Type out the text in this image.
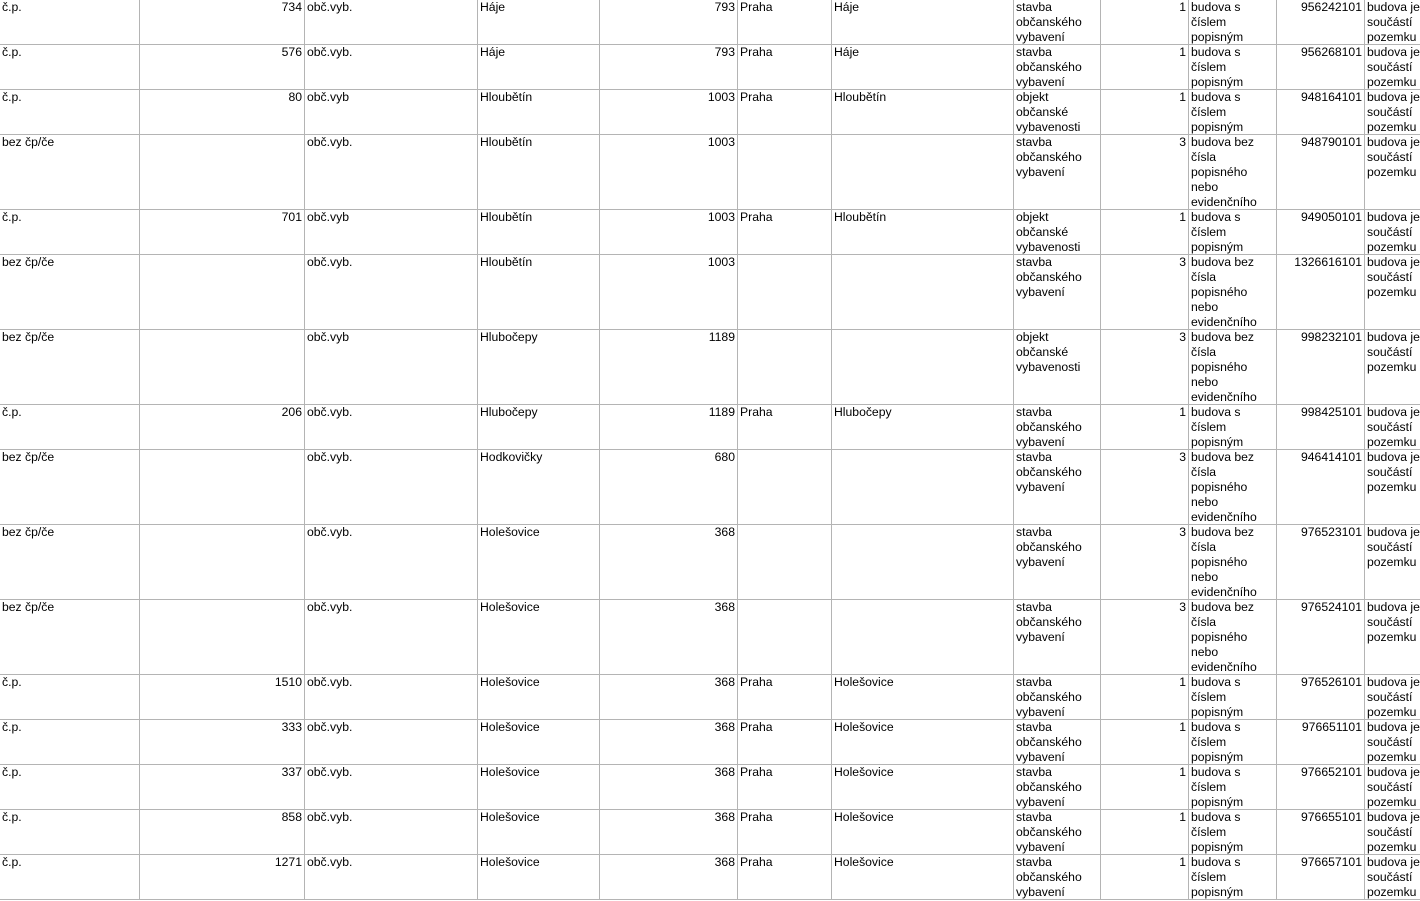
č.p.	734	obč.vyb.	Háje	793	Praha	Háje	stavba občanského vybavení	1	budova s číslem popisným	956242101	budova je součástí pozemku

č.p.	576	obč.vyb.	Háje	793	Praha	Háje	stavba občanského vybavení	1	budova s číslem popisným	956268101	budova je součástí pozemku

č.p.	80	obč.vyb	Hloubětín	1003	Praha	Hloubětín	objekt občanské vybavenosti	1	budova s číslem popisným	948164101	budova je součástí pozemku

bez čp/če		obč.vyb.	Hloubětín	1003			stavba občanského vybavení	3	budova bez čísla popisného nebo evidenčního	948790101	budova je součástí pozemku

č.p.	701	obč.vyb	Hloubětín	1003	Praha	Hloubětín	objekt občanské vybavenosti	1	budova s číslem popisným	949050101	budova je součástí pozemku

bez čp/če		obč.vyb.	Hloubětín	1003			stavba občanského vybavení	3	budova bez čísla popisného nebo evidenčního	1326616101	budova je součástí pozemku

bez čp/če		obč.vyb	Hlubočepy	1189			objekt občanské vybavenosti	3	budova bez čísla popisného nebo evidenčního	998232101	budova je součástí pozemku

č.p.	206	obč.vyb.	Hlubočepy	1189	Praha	Hlubočepy	stavba občanského vybavení	1	budova s číslem popisným	998425101	budova je součástí pozemku

bez čp/če		obč.vyb.	Hodkovičky	680			stavba občanského vybavení	3	budova bez čísla popisného nebo evidenčního	946414101	budova je součástí pozemku

bez čp/če		obč.vyb.	Holešovice	368			stavba občanského vybavení	3	budova bez čísla popisného nebo evidenčního	976523101	budova je součástí pozemku

bez čp/če		obč.vyb.	Holešovice	368			stavba občanského vybavení	3	budova bez čísla popisného nebo evidenčního	976524101	budova je součástí pozemku

č.p.	1510	obč.vyb.	Holešovice	368	Praha	Holešovice	stavba občanského vybavení	1	budova s číslem popisným	976526101	budova je součástí pozemku

č.p.	333	obč.vyb.	Holešovice	368	Praha	Holešovice	stavba občanského vybavení	1	budova s číslem popisným	976651101	budova je součástí pozemku

č.p.	337	obč.vyb.	Holešovice	368	Praha	Holešovice	stavba občanského vybavení	1	budova s číslem popisným	976652101	budova je součástí pozemku

č.p.	858	obč.vyb.	Holešovice	368	Praha	Holešovice	stavba občanského vybavení	1	budova s číslem popisným	976655101	budova je součástí pozemku

č.p.	1271	obč.vyb.	Holešovice	368	Praha	Holešovice	stavba občanského vybavení	1	budova s číslem popisným	976657101	budova je součástí pozemku
